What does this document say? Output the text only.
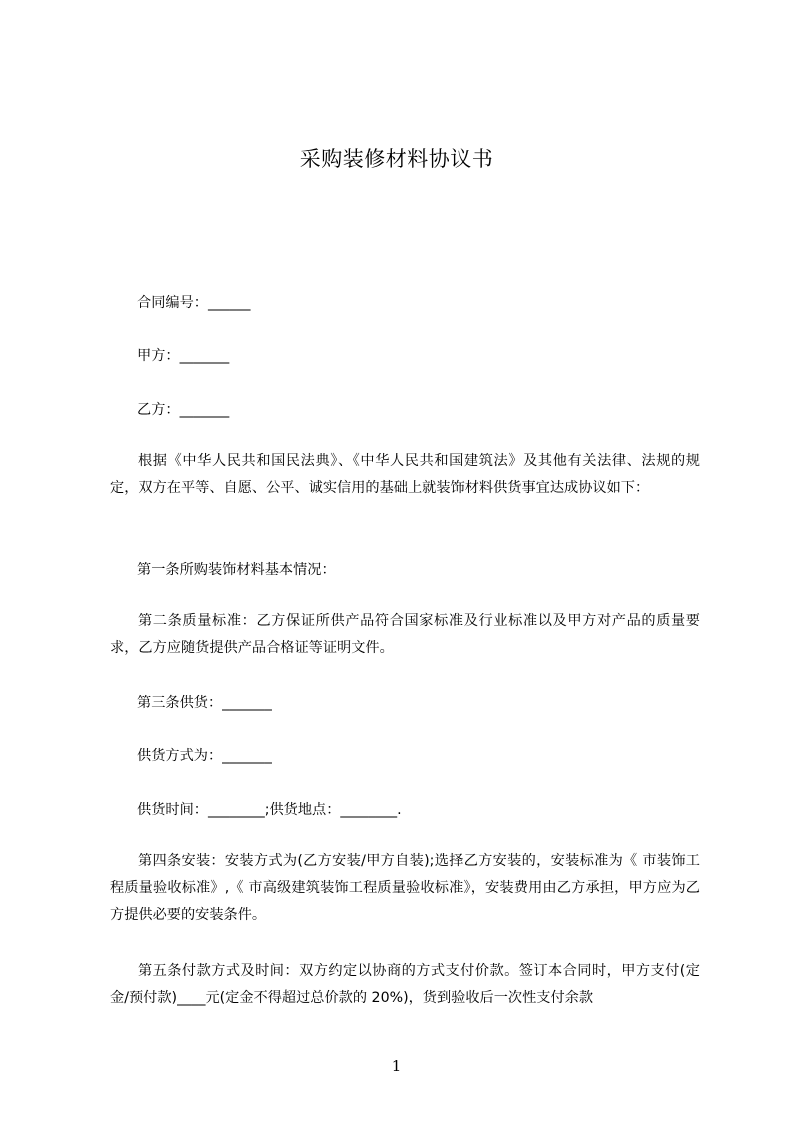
采购装修材料协议书
合同编号：______
甲方：_______
乙方：_______
根据《中华人民共和国民法典》、《中华人民共和国建筑法》及其他有关法律、法规的规定，双方在平等、自愿、公平、诚实信用的基础上就装饰材料供货事宜达成协议如下：
第一条所购装饰材料基本情况：
第二条质量标准：乙方保证所供产品符合国家标准及行业标准以及甲方对产品的质量要求，乙方应随货提供产品合格证等证明文件。
第三条供货：_______
供货方式为：_______
供货时间：________;供货地点：________.
第四条安装：安装方式为(乙方安装/甲方自装);选择乙方安装的，安装标准为《 市装饰工程质量验收标准》,《 市高级建筑装饰工程质量验收标准》，安装费用由乙方承担，甲方应为乙方提供必要的安装条件。
第五条付款方式及时间：双方约定以协商的方式支付价款。签订本合同时，甲方支付(定金/预付款)____元(定金不得超过总价款的 20%)，货到验收后一次性支付余款
1
